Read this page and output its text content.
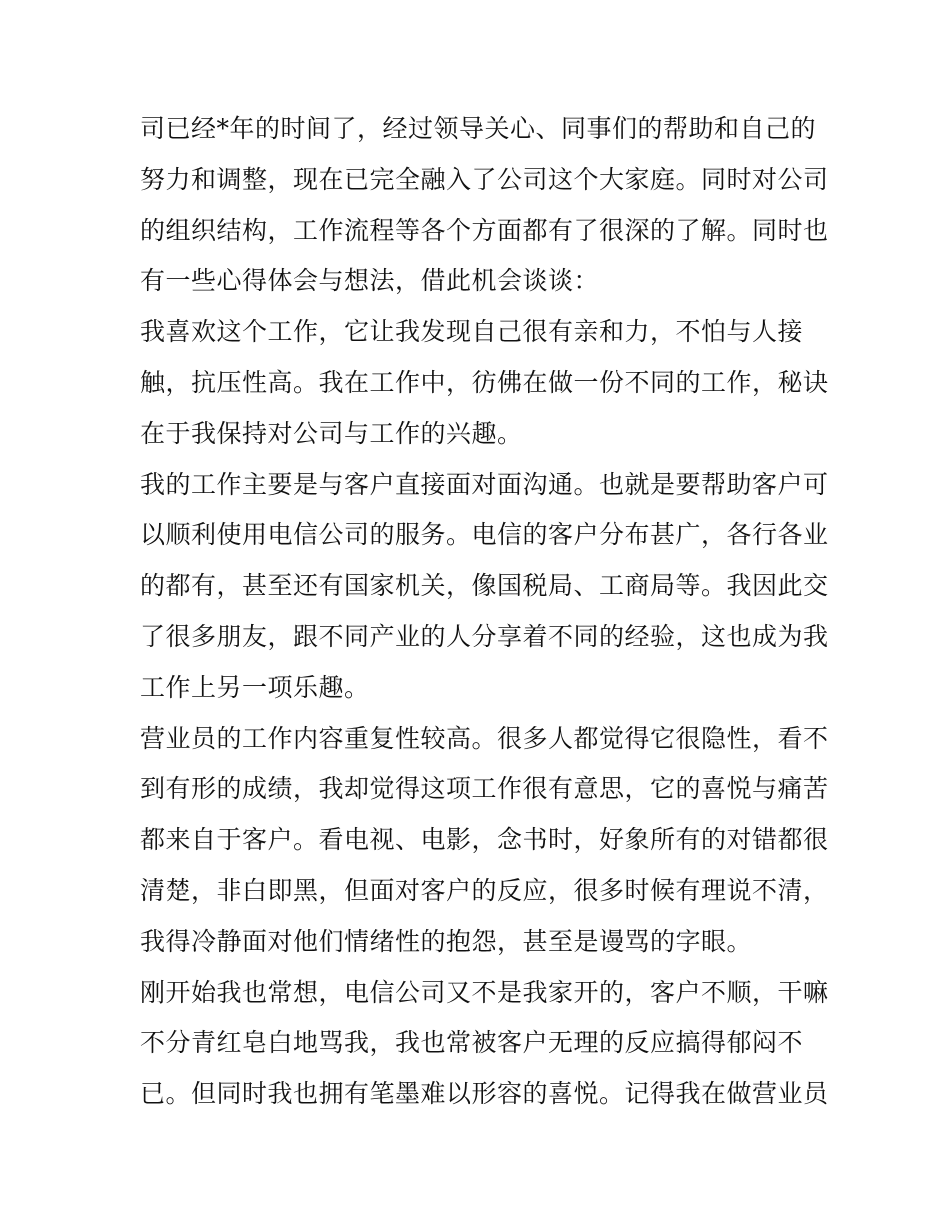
司已经*年的时间了，经过领导关心、同事们的帮助和自己的
努力和调整，现在已完全融入了公司这个大家庭。同时对公司
的组织结构，工作流程等各个方面都有了很深的了解。同时也
有一些心得体会与想法，借此机会谈谈：
我喜欢这个工作，它让我发现自己很有亲和力，不怕与人接
触，抗压性高。我在工作中，彷佛在做一份不同的工作，秘诀
在于我保持对公司与工作的兴趣。
我的工作主要是与客户直接面对面沟通。也就是要帮助客户可
以顺利使用电信公司的服务。电信的客户分布甚广，各行各业
的都有，甚至还有国家机关，像国税局、工商局等。我因此交
了很多朋友，跟不同产业的人分享着不同的经验，这也成为我
工作上另一项乐趣。
营业员的工作内容重复性较高。很多人都觉得它很隐性，看不
到有形的成绩，我却觉得这项工作很有意思，它的喜悦与痛苦
都来自于客户。看电视、电影，念书时，好象所有的对错都很
清楚，非白即黑，但面对客户的反应，很多时候有理说不清，
我得冷静面对他们情绪性的抱怨，甚至是谩骂的字眼。
刚开始我也常想，电信公司又不是我家开的，客户不顺，干嘛
不分青红皂白地骂我，我也常被客户无理的反应搞得郁闷不
已。但同时我也拥有笔墨难以形容的喜悦。记得我在做营业员
